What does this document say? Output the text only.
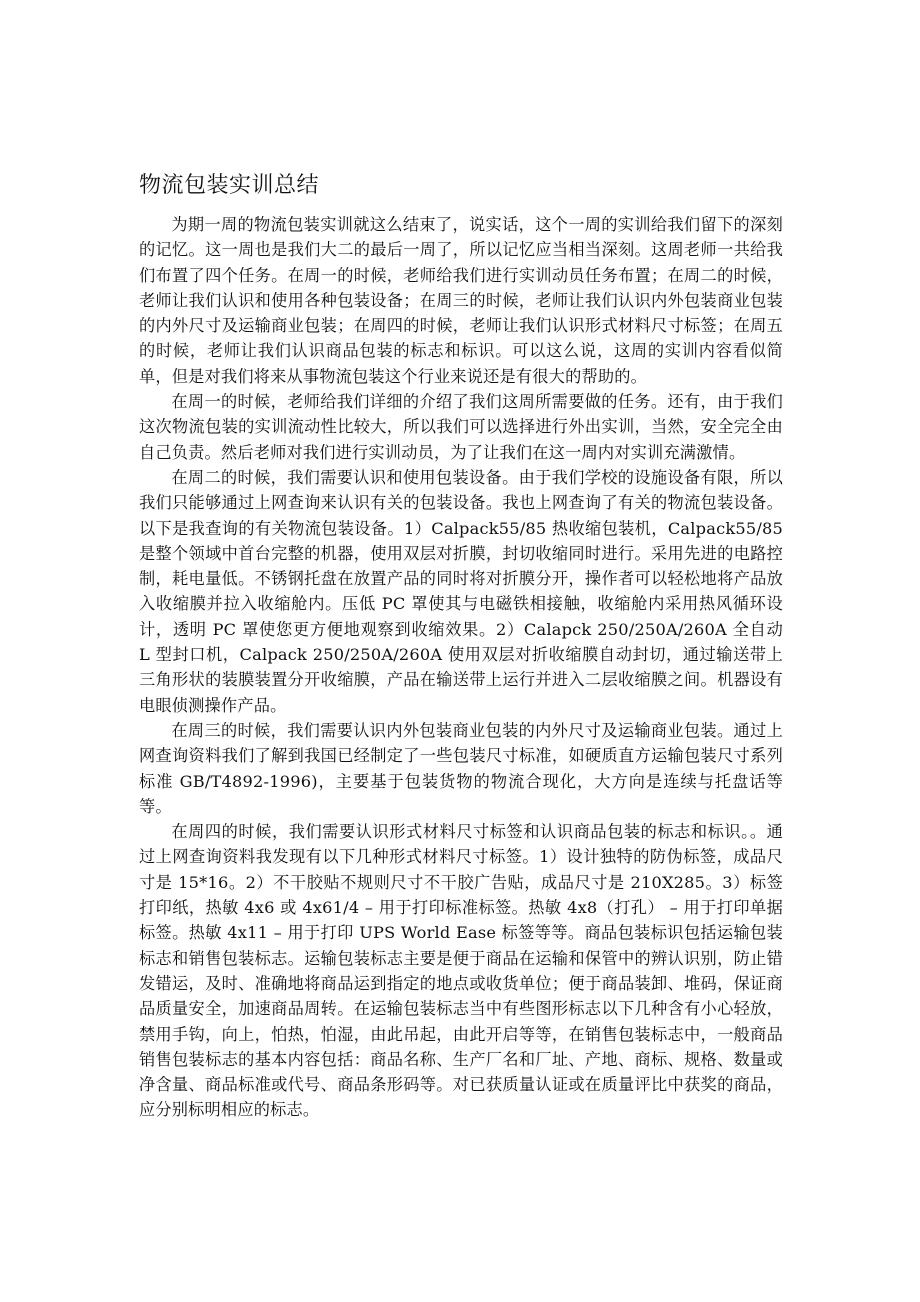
物流包装实训总结

为期一周的物流包装实训就这么结束了，说实话，这个一周的实训给我们留下的深刻的记忆。这一周也是我们大二的最后一周了，所以记忆应当相当深刻。这周老师一共给我们布置了四个任务。在周一的时候，老师给我们进行实训动员任务布置；在周二的时候，老师让我们认识和使用各种包装设备；在周三的时候，老师让我们认识内外包装商业包装的内外尺寸及运输商业包装；在周四的时候，老师让我们认识形式材料尺寸标签；在周五的时候，老师让我们认识商品包装的标志和标识。可以这么说，这周的实训内容看似简单，但是对我们将来从事物流包装这个行业来说还是有很大的帮助的。

在周一的时候，老师给我们详细的介绍了我们这周所需要做的任务。还有，由于我们这次物流包装的实训流动性比较大，所以我们可以选择进行外出实训，当然，安全完全由自己负责。然后老师对我们进行实训动员，为了让我们在这一周内对实训充满激情。

在周二的时候，我们需要认识和使用包装设备。由于我们学校的设施设备有限，所以我们只能够通过上网查询来认识有关的包装设备。我也上网查询了有关的物流包装设备。以下是我查询的有关物流包装设备。1）Calpack55/85 热收缩包装机，Calpack55/85 是整个领域中首台完整的机器，使用双层对折膜，封切收缩同时进行。采用先进的电路控制，耗电量低。不锈钢托盘在放置产品的同时将对折膜分开，操作者可以轻松地将产品放入收缩膜并拉入收缩舱内。压低 PC 罩使其与电磁铁相接触，收缩舱内采用热风循环设计，透明 PC 罩使您更方便地观察到收缩效果。2）Calapck 250/250A/260A 全自动 L 型封口机，Calpack 250/250A/260A 使用双层对折收缩膜自动封切，通过输送带上三角形状的装膜装置分开收缩膜，产品在输送带上运行并进入二层收缩膜之间。机器设有电眼侦测操作产品。

在周三的时候，我们需要认识内外包装商业包装的内外尺寸及运输商业包装。通过上网查询资料我们了解到我国已经制定了一些包装尺寸标准，如硬质直方运输包装尺寸系列标准 GB/T4892-1996)，主要基于包装货物的物流合现化，大方向是连续与托盘话等等。

在周四的时候，我们需要认识形式材料尺寸标签和认识商品包装的标志和标识。。通过上网查询资料我发现有以下几种形式材料尺寸标签。1）设计独特的防伪标签，成品尺寸是 15*16。2）不干胶贴不规则尺寸不干胶广告贴，成品尺寸是 210X285。3）标签打印纸，热敏 4x6 或 4x61/4 – 用于打印标准标签。热敏 4x8（打孔） – 用于打印单据标签。热敏 4x11 – 用于打印 UPS World Ease 标签等等。商品包装标识包括运输包装标志和销售包装标志。运输包装标志主要是便于商品在运输和保管中的辨认识别，防止错发错运，及时、准确地将商品运到指定的地点或收货单位；便于商品装卸、堆码，保证商品质量安全，加速商品周转。在运输包装标志当中有些图形标志以下几种含有小心轻放，禁用手钩，向上，怕热，怕湿，由此吊起，由此开启等等，在销售包装标志中，一般商品销售包装标志的基本内容包括：商品名称、生产厂名和厂址、产地、商标、规格、数量或净含量、商品标准或代号、商品条形码等。对已获质量认证或在质量评比中获奖的商品，应分别标明相应的标志。
